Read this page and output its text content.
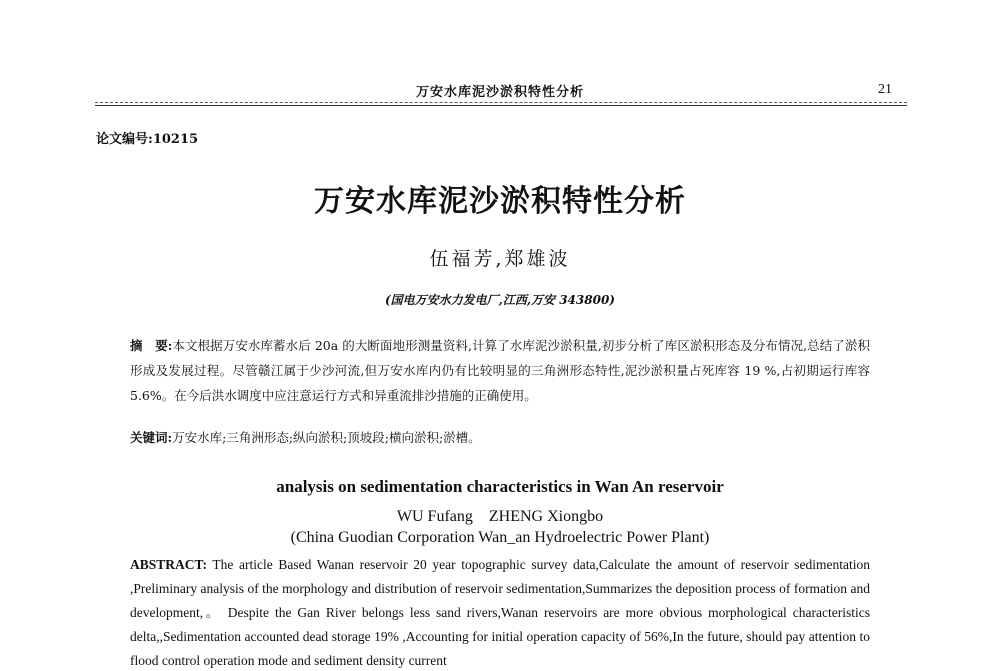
万安水库泥沙淤积特性分析	21
论文编号:10215
万安水库泥沙淤积特性分析
伍福芳,郑雄波
(国电万安水力发电厂,江西,万安 343800)
摘　要:本文根据万安水库蓄水后 20a 的大断面地形测量资料,计算了水库泥沙淤积量,初步分析了库区淤积形态及分布情况,总结了淤积形成及发展过程。尽管赣江属于少沙河流,但万安水库内仍有比较明显的三角洲形态特性,泥沙淤积量占死库容 19 %,占初期运行库容 5.6%。在今后洪水调度中应注意运行方式和异重流排沙措施的正确使用。
关键词:万安水库;三角洲形态;纵向淤积;顶坡段;横向淤积;淤槽。
analysis on sedimentation characteristics in Wan An reservoir
WU Fufang　ZHENG Xiongbo
(China Guodian Corporation Wan_an Hydroelectric Power Plant)
ABSTRACT: The article Based Wanan reservoir 20 year topographic survey data,Calculate the amount of reservoir sedimentation ,Preliminary analysis of the morphology and distribution of reservoir sedimentation,Summarizes the deposition process of formation and development,。 Despite the Gan River belongs less sand rivers,Wanan reservoirs are more obvious morphological characteristics delta,,Sedimentation accounted dead storage 19% ,Accounting for initial operation capacity of 56%,In the future, should pay attention to flood control operation mode and sediment density current
